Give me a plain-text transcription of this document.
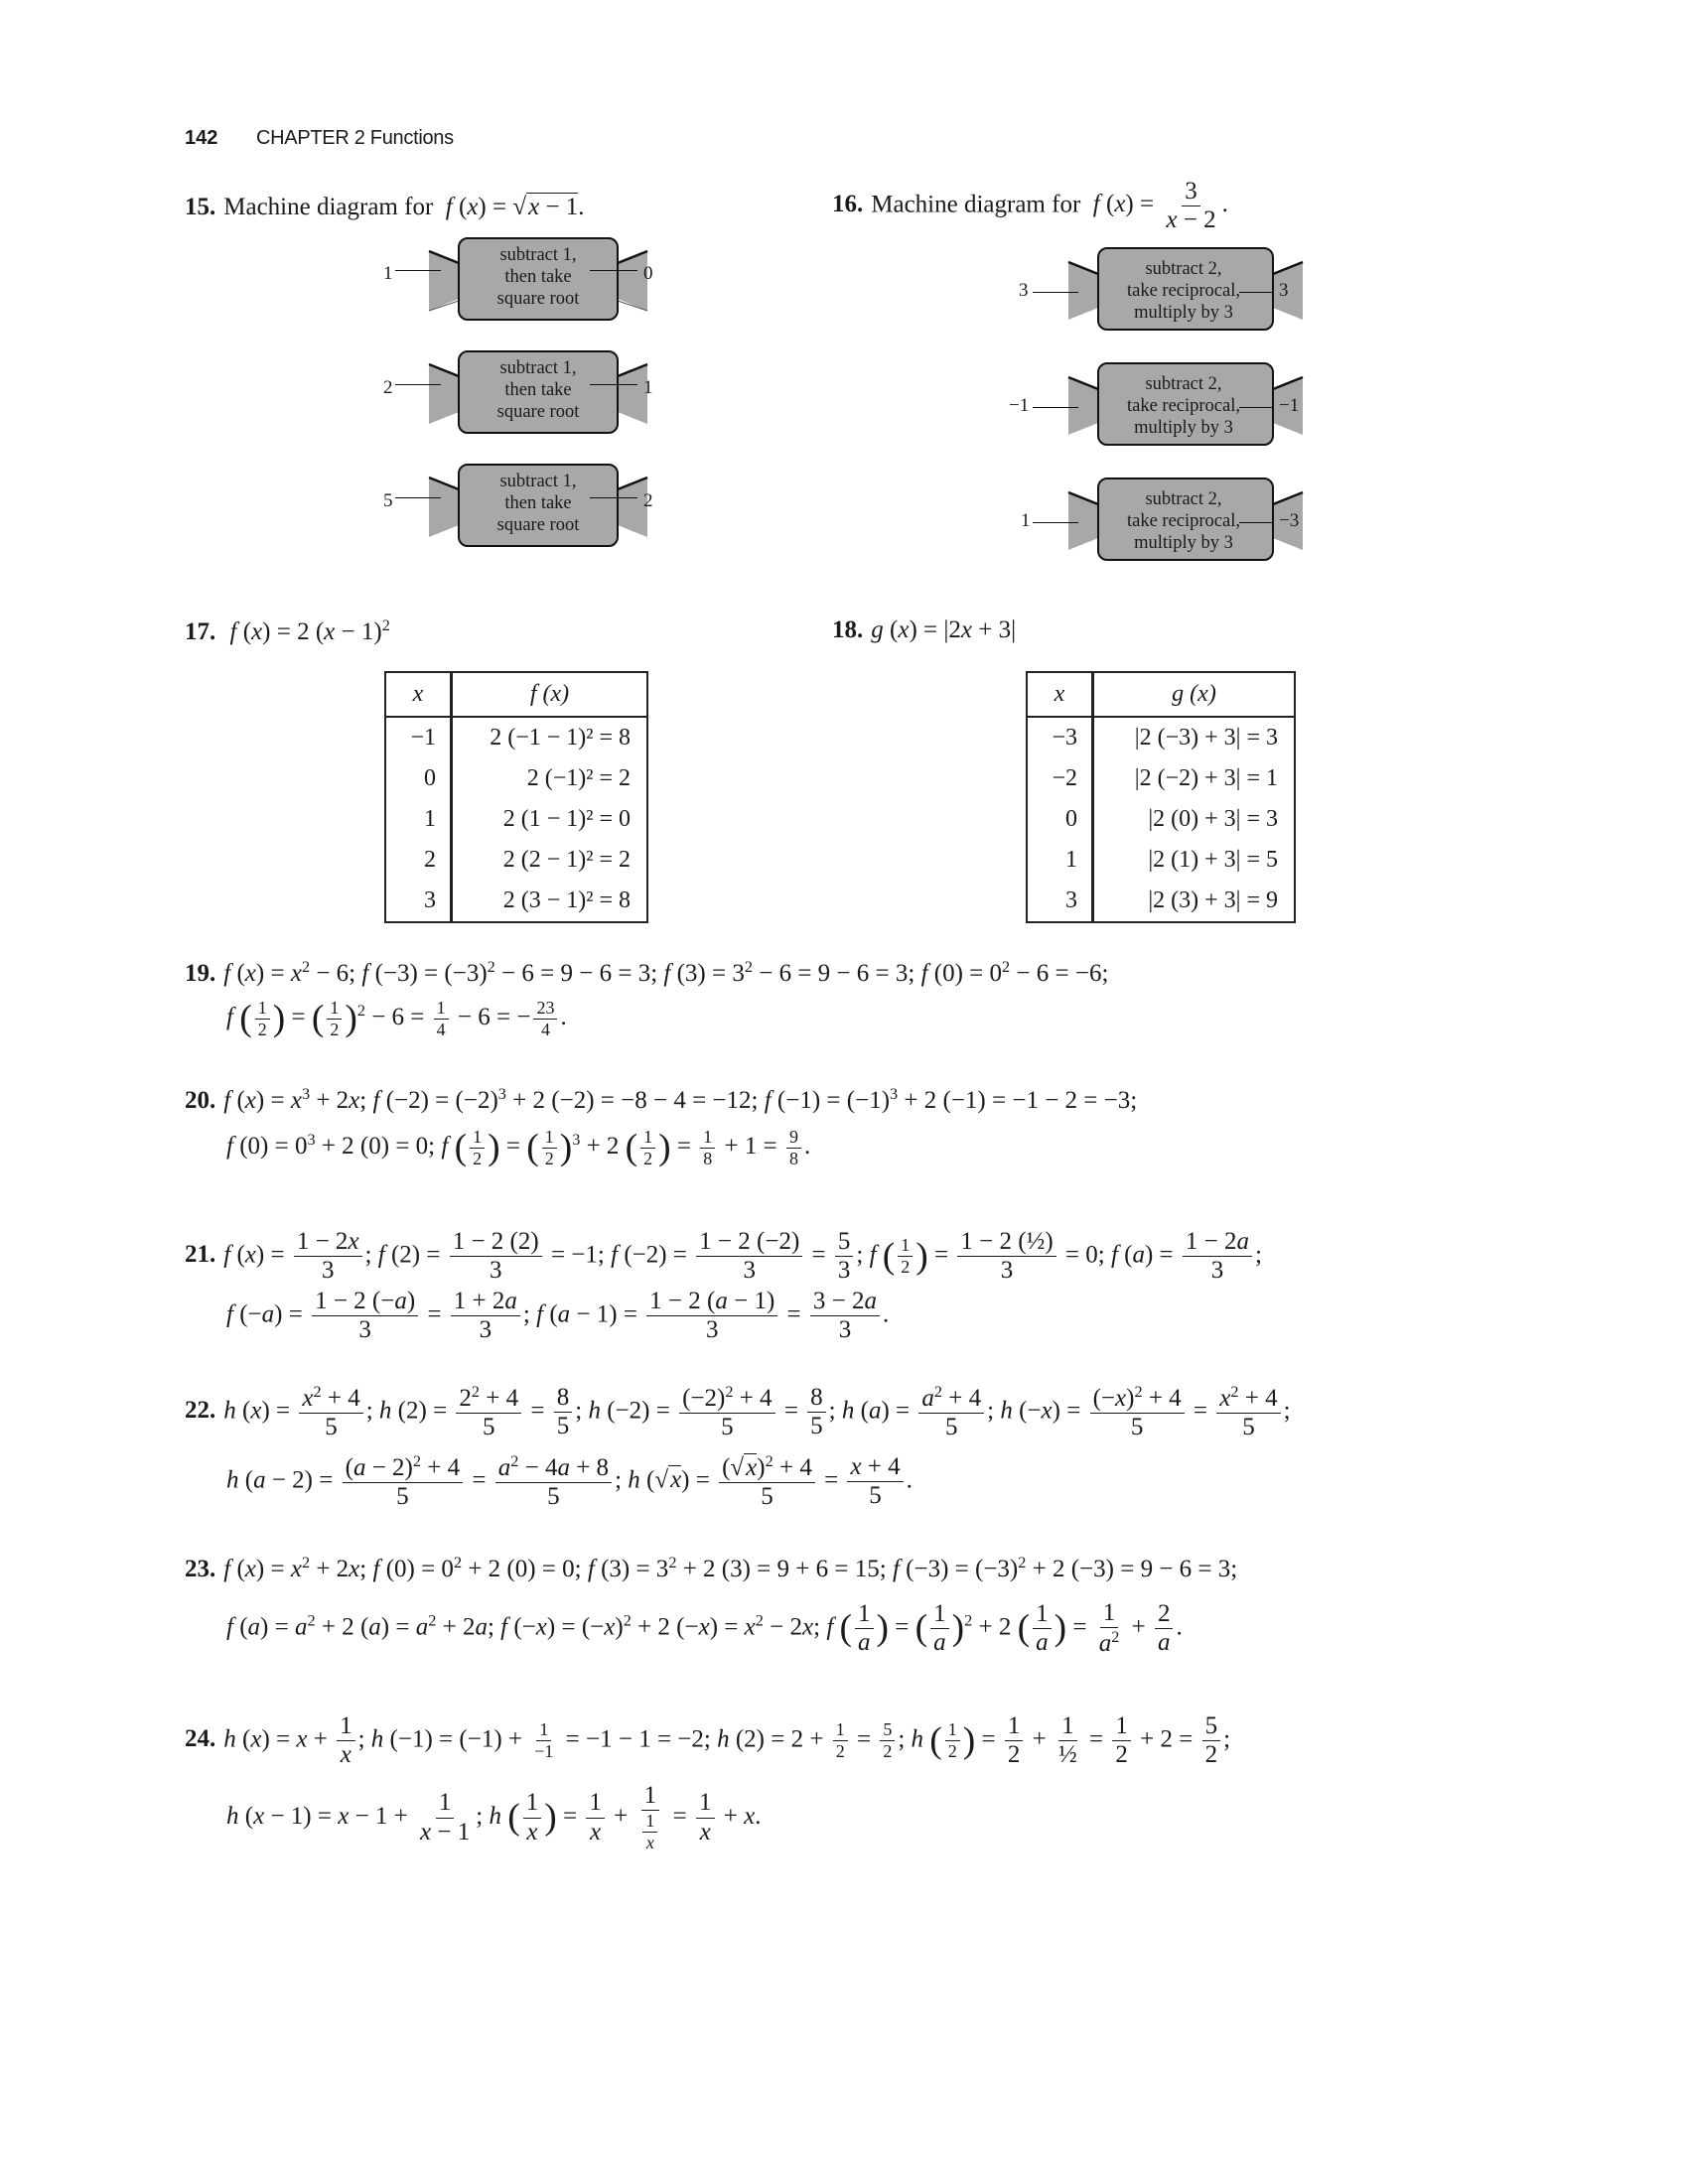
142 CHAPTER 2 Functions
15. Machine diagram for f (x) = √x − 1.
subtract 1,
then take
square root
1	0
subtract 1,
then take
square root
2	1
subtract 1,
then take
square root
5	2
16. Machine diagram for f $(x) = \frac{3}{x - 2}$ .
subtract 2,
take reciprocal,
multiply by 3
3	3
subtract 2,
take reciprocal,
multiply by 3
−1	−1
subtract 2,
take reciprocal,
multiply by 3
1	−3
17. f (x) = 2 $(x - 1)^2$
x	f (x)
−1	2 (−1 − 1)² = 8
0	2 (−1)² = 2
1	2 (1 − 1)² = 0
2	2 (2 − 1)² = 2
3	2 (3 − 1)² = 8
18. g (x) = |2x + 3|
x	g (x)
−3	|2 (−3) + 3| = 3
−2	|2 (−2) + 3| = 1
0	|2 (0) + 3| = 3
1	|2 (1) + 3| = 5
3	|2 (3) + 3| = 9
19. f $(x) = x^2 - 6$; f $(-3) = (-3)^2 - 6 = 9 - 6 = 3$; f $(3) = 3^2 - 6 = 9 - 6 = 3$; f $(0) = 0^2 - 6 = -6$;
f ( $\frac{1}{2}$ ) = ( $\frac{1}{2} )^2 - 6 = \frac{1}{4} - 6$ = − $\frac{23}{4}$ .
20. f $(x) = x^3 + 2x$; f $(-2) = (-2)^3 + 2$ (−2) = −8 − 4 = −12; f $(-1) = (-1)^3 + 2$ (−1) = −1 − 2 = −3;
f $(0) = 0^3 + 2$ (0) = 0; f ( $\frac{1}{2}$ ) = ( $\frac{1}{2} )^3 + 2$ ( $\frac{1}{2}$ ) = $\frac{1}{8} + 1 = \frac{9}{8}$ .
21. f $(x) = \frac{1 - 2x}{3}$ ; f $(2) = \frac{1 - 2 (2)}{3} = -1$; f $(-2) = \frac{1 - 2 (-2)}{3} = \frac{5}{3}$ ; f ( $\frac{1}{2}$ ) = $\frac{\text{1 − 2 (½)}}{3} = 0$; f $(a) = \frac{1 - 2a}{3}$ ;
f $(-a) = \frac{1 - 2 (-a)}{3} = \frac{1 + 2a}{3}$ ; f $(a - 1) = \frac{1 - 2 (a - 1)}{3} = \frac{3 - 2a}{3}$ .
22. h $(x) = \frac{x^2 + 4}{5}$ ; h $(2) = \frac{2^2 + 4}{5} = \frac{8}{5}$ ; h $(-2) = \frac{(-2)^2 + 4}{5} = \frac{8}{5}$ ; h $(a) = \frac{a^2 + 4}{5}$ ; h $(-x) = \frac{(-x)^2 + 4}{5} = \frac{x^2 + 4}{5}$ ;
h $(a - 2) = \frac{(a - 2)^2 + 4}{5} = \frac{a^2 - 4a + 8}{5}$ ; h $(√x) = \frac{(√x)^2 + 4}{5} = \frac{x + 4}{5}$ .
23. f $(x) = x^2 + 2x$; f $(0) = 0^2 + 2$ (0) = 0; f $(3) = 3^2 + 2$ (3) = 9 + 6 = 15; f $(-3) = (-3)^2 + 2$ (−3) = 9 − 6 = 3;
f $(a) = a^2 + 2$ $(a) = a^2 + 2a$; f $(-x) = (-x)^2 + 2$ $(-x) = x^2 - 2x$; f ( $\frac{1}{a}$ ) = ( $\frac{1}{a} )^2 + 2$ ( $\frac{1}{a}$ ) = $\frac{1}{a^2} + \frac{2}{a}$ .
24. h $(x) = x + \frac{1}{x}$ ; h $(-1) = (-1) + \frac{1}{-1} = -1 - 1 = -2$; h $(2) = 2 + \frac{1}{2} = \frac{5}{2}$ ; h ( $\frac{1}{2}$ ) = $\frac{1}{2} + \frac{1}{\text{½}} = \frac{1}{2} + 2 = \frac{5}{2}$ ;
h $(x - 1) = x - 1 + \frac{1}{x - 1}$ ; h ( $\frac{1}{x}$ ) = $\frac{1}{x} + \frac{1}{\frac{1}{x}} = \frac{1}{x} + x$.
